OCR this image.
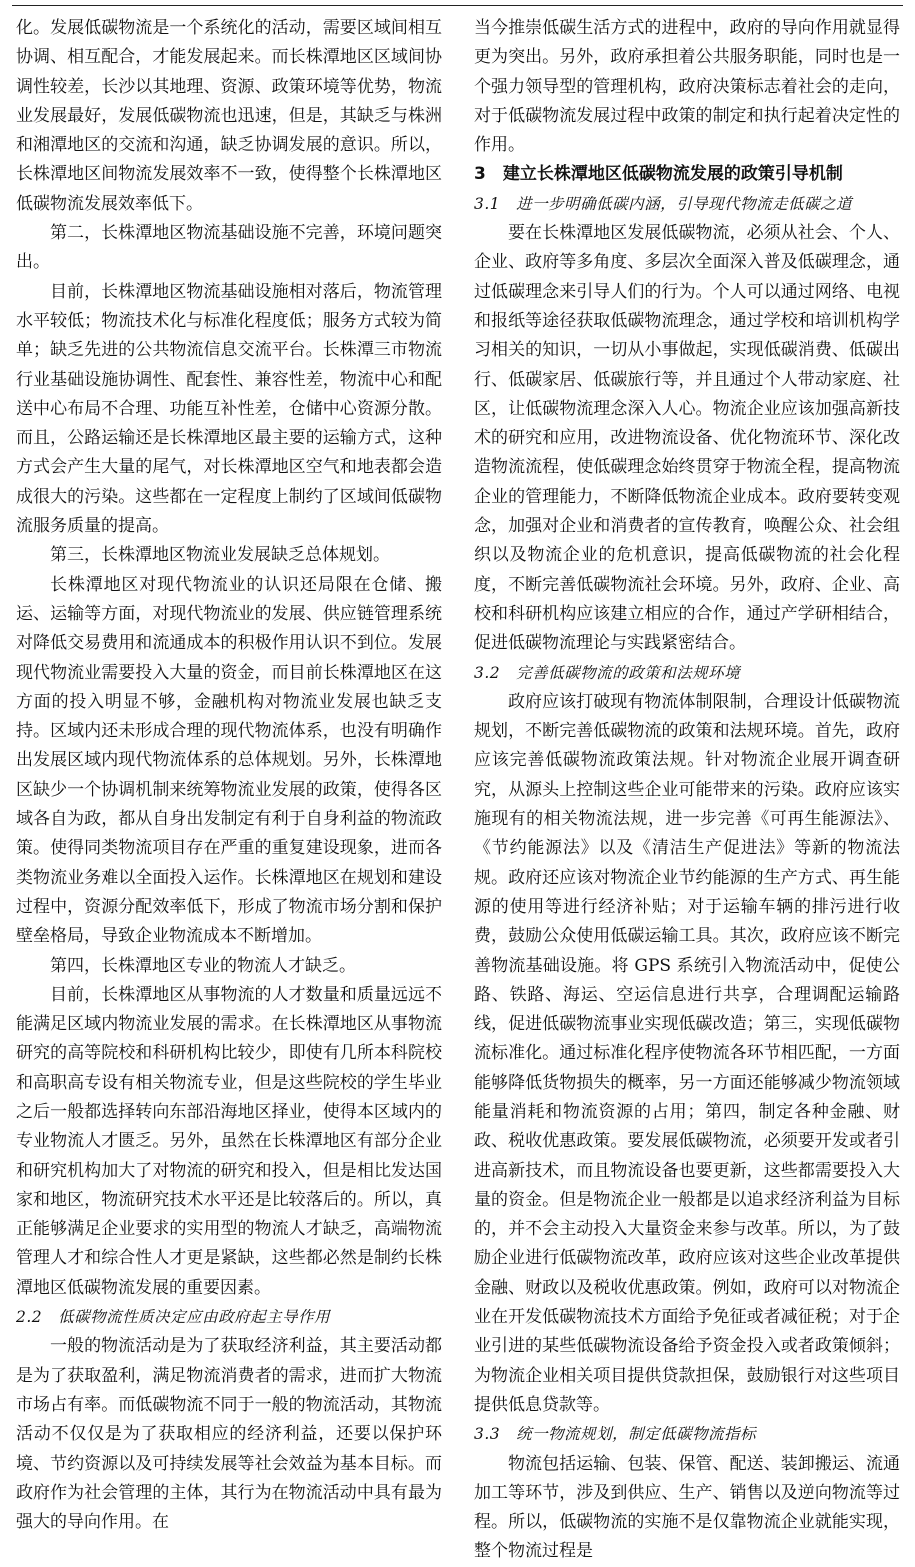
化。发展低碳物流是一个系统化的活动，需要区域间相互协调、相互配合，才能发展起来。而长株潭地区区域间协调性较差，长沙以其地理、资源、政策环境等优势，物流业发展最好，发展低碳物流也迅速，但是，其缺乏与株洲和湘潭地区的交流和沟通，缺乏协调发展的意识。所以，长株潭地区间物流发展效率不一致，使得整个长株潭地区低碳物流发展效率低下。

第二，长株潭地区物流基础设施不完善，环境问题突出。

目前，长株潭地区物流基础设施相对落后，物流管理水平较低；物流技术化与标准化程度低；服务方式较为简单；缺乏先进的公共物流信息交流平台。长株潭三市物流行业基础设施协调性、配套性、兼容性差，物流中心和配送中心布局不合理、功能互补性差，仓储中心资源分散。而且，公路运输还是长株潭地区最主要的运输方式，这种方式会产生大量的尾气，对长株潭地区空气和地表都会造成很大的污染。这些都在一定程度上制约了区域间低碳物流服务质量的提高。

第三，长株潭地区物流业发展缺乏总体规划。

长株潭地区对现代物流业的认识还局限在仓储、搬运、运输等方面，对现代物流业的发展、供应链管理系统对降低交易费用和流通成本的积极作用认识不到位。发展现代物流业需要投入大量的资金，而目前长株潭地区在这方面的投入明显不够，金融机构对物流业发展也缺乏支持。区域内还未形成合理的现代物流体系，也没有明确作出发展区域内现代物流体系的总体规划。另外，长株潭地区缺少一个协调机制来统筹物流业发展的政策，使得各区域各自为政，都从自身出发制定有利于自身利益的物流政策。使得同类物流项目存在严重的重复建设现象，进而各类物流业务难以全面投入运作。长株潭地区在规划和建设过程中，资源分配效率低下，形成了物流市场分割和保护壁垒格局，导致企业物流成本不断增加。

第四，长株潭地区专业的物流人才缺乏。

目前，长株潭地区从事物流的人才数量和质量远远不能满足区域内物流业发展的需求。在长株潭地区从事物流研究的高等院校和科研机构比较少，即使有几所本科院校和高职高专设有相关物流专业，但是这些院校的学生毕业之后一般都选择转向东部沿海地区择业，使得本区域内的专业物流人才匮乏。另外，虽然在长株潭地区有部分企业和研究机构加大了对物流的研究和投入，但是相比发达国家和地区，物流研究技术水平还是比较落后的。所以，真正能够满足企业要求的实用型的物流人才缺乏，高端物流管理人才和综合性人才更是紧缺，这些都必然是制约长株潭地区低碳物流发展的重要因素。

2.2　低碳物流性质决定应由政府起主导作用

一般的物流活动是为了获取经济利益，其主要活动都是为了获取盈利，满足物流消费者的需求，进而扩大物流市场占有率。而低碳物流不同于一般的物流活动，其物流活动不仅仅是为了获取相应的经济利益，还要以保护环境、节约资源以及可持续发展等社会效益为基本目标。而政府作为社会管理的主体，其行为在物流活动中具有最为强大的导向作用。在

当今推崇低碳生活方式的进程中，政府的导向作用就显得更为突出。另外，政府承担着公共服务职能，同时也是一个强力领导型的管理机构，政府决策标志着社会的走向，对于低碳物流发展过程中政策的制定和执行起着决定性的作用。

3　建立长株潭地区低碳物流发展的政策引导机制
3.1　进一步明确低碳内涵，引导现代物流走低碳之道

要在长株潭地区发展低碳物流，必须从社会、个人、企业、政府等多角度、多层次全面深入普及低碳理念，通过低碳理念来引导人们的行为。个人可以通过网络、电视和报纸等途径获取低碳物流理念，通过学校和培训机构学习相关的知识，一切从小事做起，实现低碳消费、低碳出行、低碳家居、低碳旅行等，并且通过个人带动家庭、社区，让低碳物流理念深入人心。物流企业应该加强高新技术的研究和应用，改进物流设备、优化物流环节、深化改造物流流程，使低碳理念始终贯穿于物流全程，提高物流企业的管理能力，不断降低物流企业成本。政府要转变观念，加强对企业和消费者的宣传教育，唤醒公众、社会组织以及物流企业的危机意识，提高低碳物流的社会化程度，不断完善低碳物流社会环境。另外，政府、企业、高校和科研机构应该建立相应的合作，通过产学研相结合，促进低碳物流理论与实践紧密结合。

3.2　完善低碳物流的政策和法规环境

政府应该打破现有物流体制限制，合理设计低碳物流规划，不断完善低碳物流的政策和法规环境。首先，政府应该完善低碳物流政策法规。针对物流企业展开调查研究，从源头上控制这些企业可能带来的污染。政府应该实施现有的相关物流法规，进一步完善《可再生能源法》、《节约能源法》以及《清洁生产促进法》等新的物流法规。政府还应该对物流企业节约能源的生产方式、再生能源的使用等进行经济补贴；对于运输车辆的排污进行收费，鼓励公众使用低碳运输工具。其次，政府应该不断完善物流基础设施。将 GPS 系统引入物流活动中，促使公路、铁路、海运、空运信息进行共享，合理调配运输路线，促进低碳物流事业实现低碳改造；第三，实现低碳物流标准化。通过标准化程序使物流各环节相匹配，一方面能够降低货物损失的概率，另一方面还能够减少物流领域能量消耗和物流资源的占用；第四，制定各种金融、财政、税收优惠政策。要发展低碳物流，必须要开发或者引进高新技术，而且物流设备也要更新，这些都需要投入大量的资金。但是物流企业一般都是以追求经济利益为目标的，并不会主动投入大量资金来参与改革。所以，为了鼓励企业进行低碳物流改革，政府应该对这些企业改革提供金融、财政以及税收优惠政策。例如，政府可以对物流企业在开发低碳物流技术方面给予免征或者减征税；对于企业引进的某些低碳物流设备给予资金投入或者政策倾斜；为物流企业相关项目提供贷款担保，鼓励银行对这些项目提供低息贷款等。

3.3　统一物流规划，制定低碳物流指标

物流包括运输、包装、保管、配送、装卸搬运、流通加工等环节，涉及到供应、生产、销售以及逆向物流等过程。所以，低碳物流的实施不是仅靠物流企业就能实现，整个物流过程是
